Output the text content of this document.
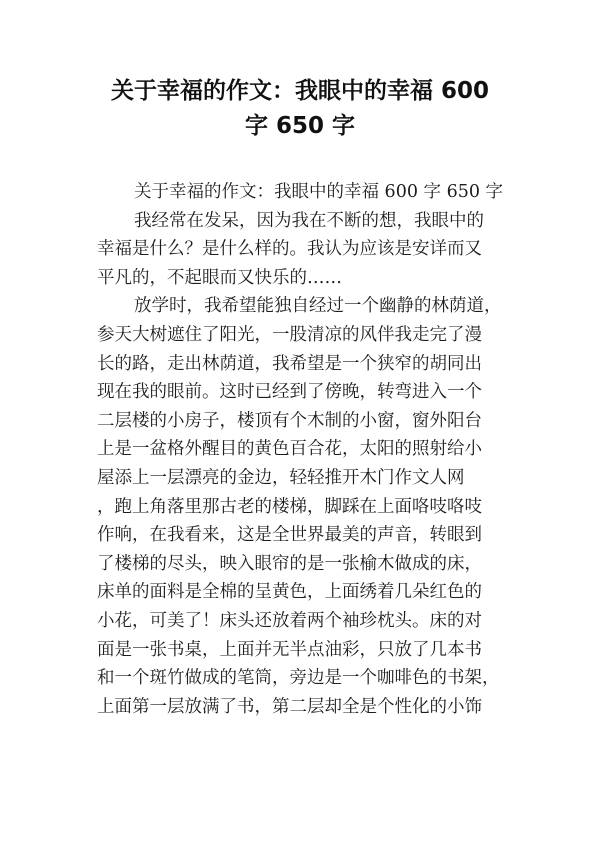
关于幸福的作文：我眼中的幸福 600
字 650 字
关于幸福的作文：我眼中的幸福 600 字 650 字
我经常在发呆，因为我在不断的想，我眼中的
幸福是什么？是什么样的。我认为应该是安详而又
平凡的，不起眼而又快乐的……
放学时，我希望能独自经过一个幽静的林荫道，
参天大树遮住了阳光，一股清凉的风伴我走完了漫
长的路，走出林荫道，我希望是一个狭窄的胡同出
现在我的眼前。这时已经到了傍晚，转弯进入一个
二层楼的小房子，楼顶有个木制的小窗，窗外阳台
上是一盆格外醒目的黄色百合花，太阳的照射给小
屋添上一层漂亮的金边，轻轻推开木门作文人网
，跑上角落里那古老的楼梯，脚踩在上面咯吱咯吱
作响，在我看来，这是全世界最美的声音，转眼到
了楼梯的尽头，映入眼帘的是一张榆木做成的床，
床单的面料是全棉的呈黄色，上面绣着几朵红色的
小花，可美了！床头还放着两个袖珍枕头。床的对
面是一张书桌，上面并无半点油彩，只放了几本书
和一个斑竹做成的笔筒，旁边是一个咖啡色的书架，
上面第一层放满了书，第二层却全是个性化的小饰
